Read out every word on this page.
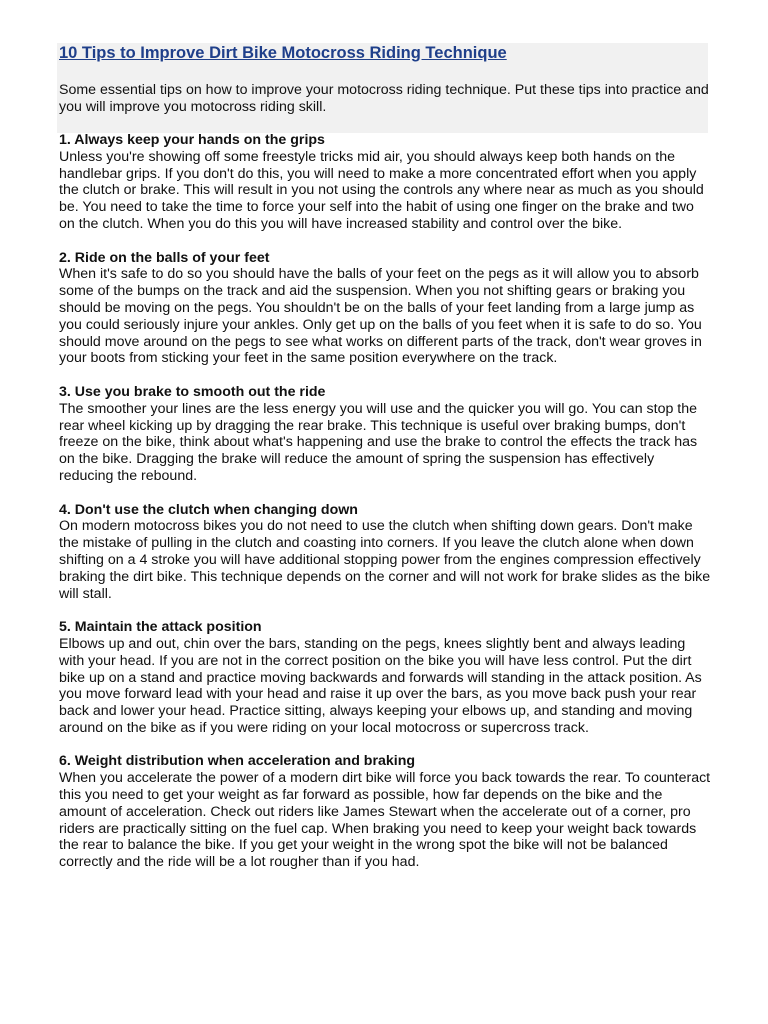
10 Tips to Improve Dirt Bike Motocross Riding Technique

Some essential tips on how to improve your motocross riding technique. Put these tips into practice and you will improve you motocross riding skill.

1. Always keep your hands on the grips

Unless you're showing off some freestyle tricks mid air, you should always keep both hands on the handlebar grips. If you don't do this, you will need to make a more concentrated effort when you apply the clutch or brake. This will result in you not using the controls any where near as much as you should be. You need to take the time to force your self into the habit of using one finger on the brake and two on the clutch. When you do this you will have increased stability and control over the bike.

2. Ride on the balls of your feet

When it's safe to do so you should have the balls of your feet on the pegs as it will allow you to absorb some of the bumps on the track and aid the suspension. When you not shifting gears or braking you should be moving on the pegs. You shouldn't be on the balls of your feet landing from a large jump as you could seriously injure your ankles. Only get up on the balls of you feet when it is safe to do so. You should move around on the pegs to see what works on different parts of the track, don't wear groves in your boots from sticking your feet in the same position everywhere on the track.

3. Use you brake to smooth out the ride

The smoother your lines are the less energy you will use and the quicker you will go. You can stop the rear wheel kicking up by dragging the rear brake. This technique is useful over braking bumps, don't freeze on the bike, think about what's happening and use the brake to control the effects the track has on the bike. Dragging the brake will reduce the amount of spring the suspension has effectively reducing the rebound.

4. Don't use the clutch when changing down

On modern motocross bikes you do not need to use the clutch when shifting down gears. Don't make the mistake of pulling in the clutch and coasting into corners. If you leave the clutch alone when down shifting on a 4 stroke you will have additional stopping power from the engines compression effectively braking the dirt bike. This technique depends on the corner and will not work for brake slides as the bike will stall.

5. Maintain the attack position

Elbows up and out, chin over the bars, standing on the pegs, knees slightly bent and always leading with your head. If you are not in the correct position on the bike you will have less control. Put the dirt bike up on a stand and practice moving backwards and forwards will standing in the attack position. As you move forward lead with your head and raise it up over the bars, as you move back push your rear back and lower your head. Practice sitting, always keeping your elbows up, and standing and moving around on the bike as if you were riding on your local motocross or supercross track.

6. Weight distribution when acceleration and braking

When you accelerate the power of a modern dirt bike will force you back towards the rear. To counteract this you need to get your weight as far forward as possible, how far depends on the bike and the amount of acceleration. Check out riders like James Stewart when the accelerate out of a corner, pro riders are practically sitting on the fuel cap. When braking you need to keep your weight back towards the rear to balance the bike. If you get your weight in the wrong spot the bike will not be balanced correctly and the ride will be a lot rougher than if you had.
